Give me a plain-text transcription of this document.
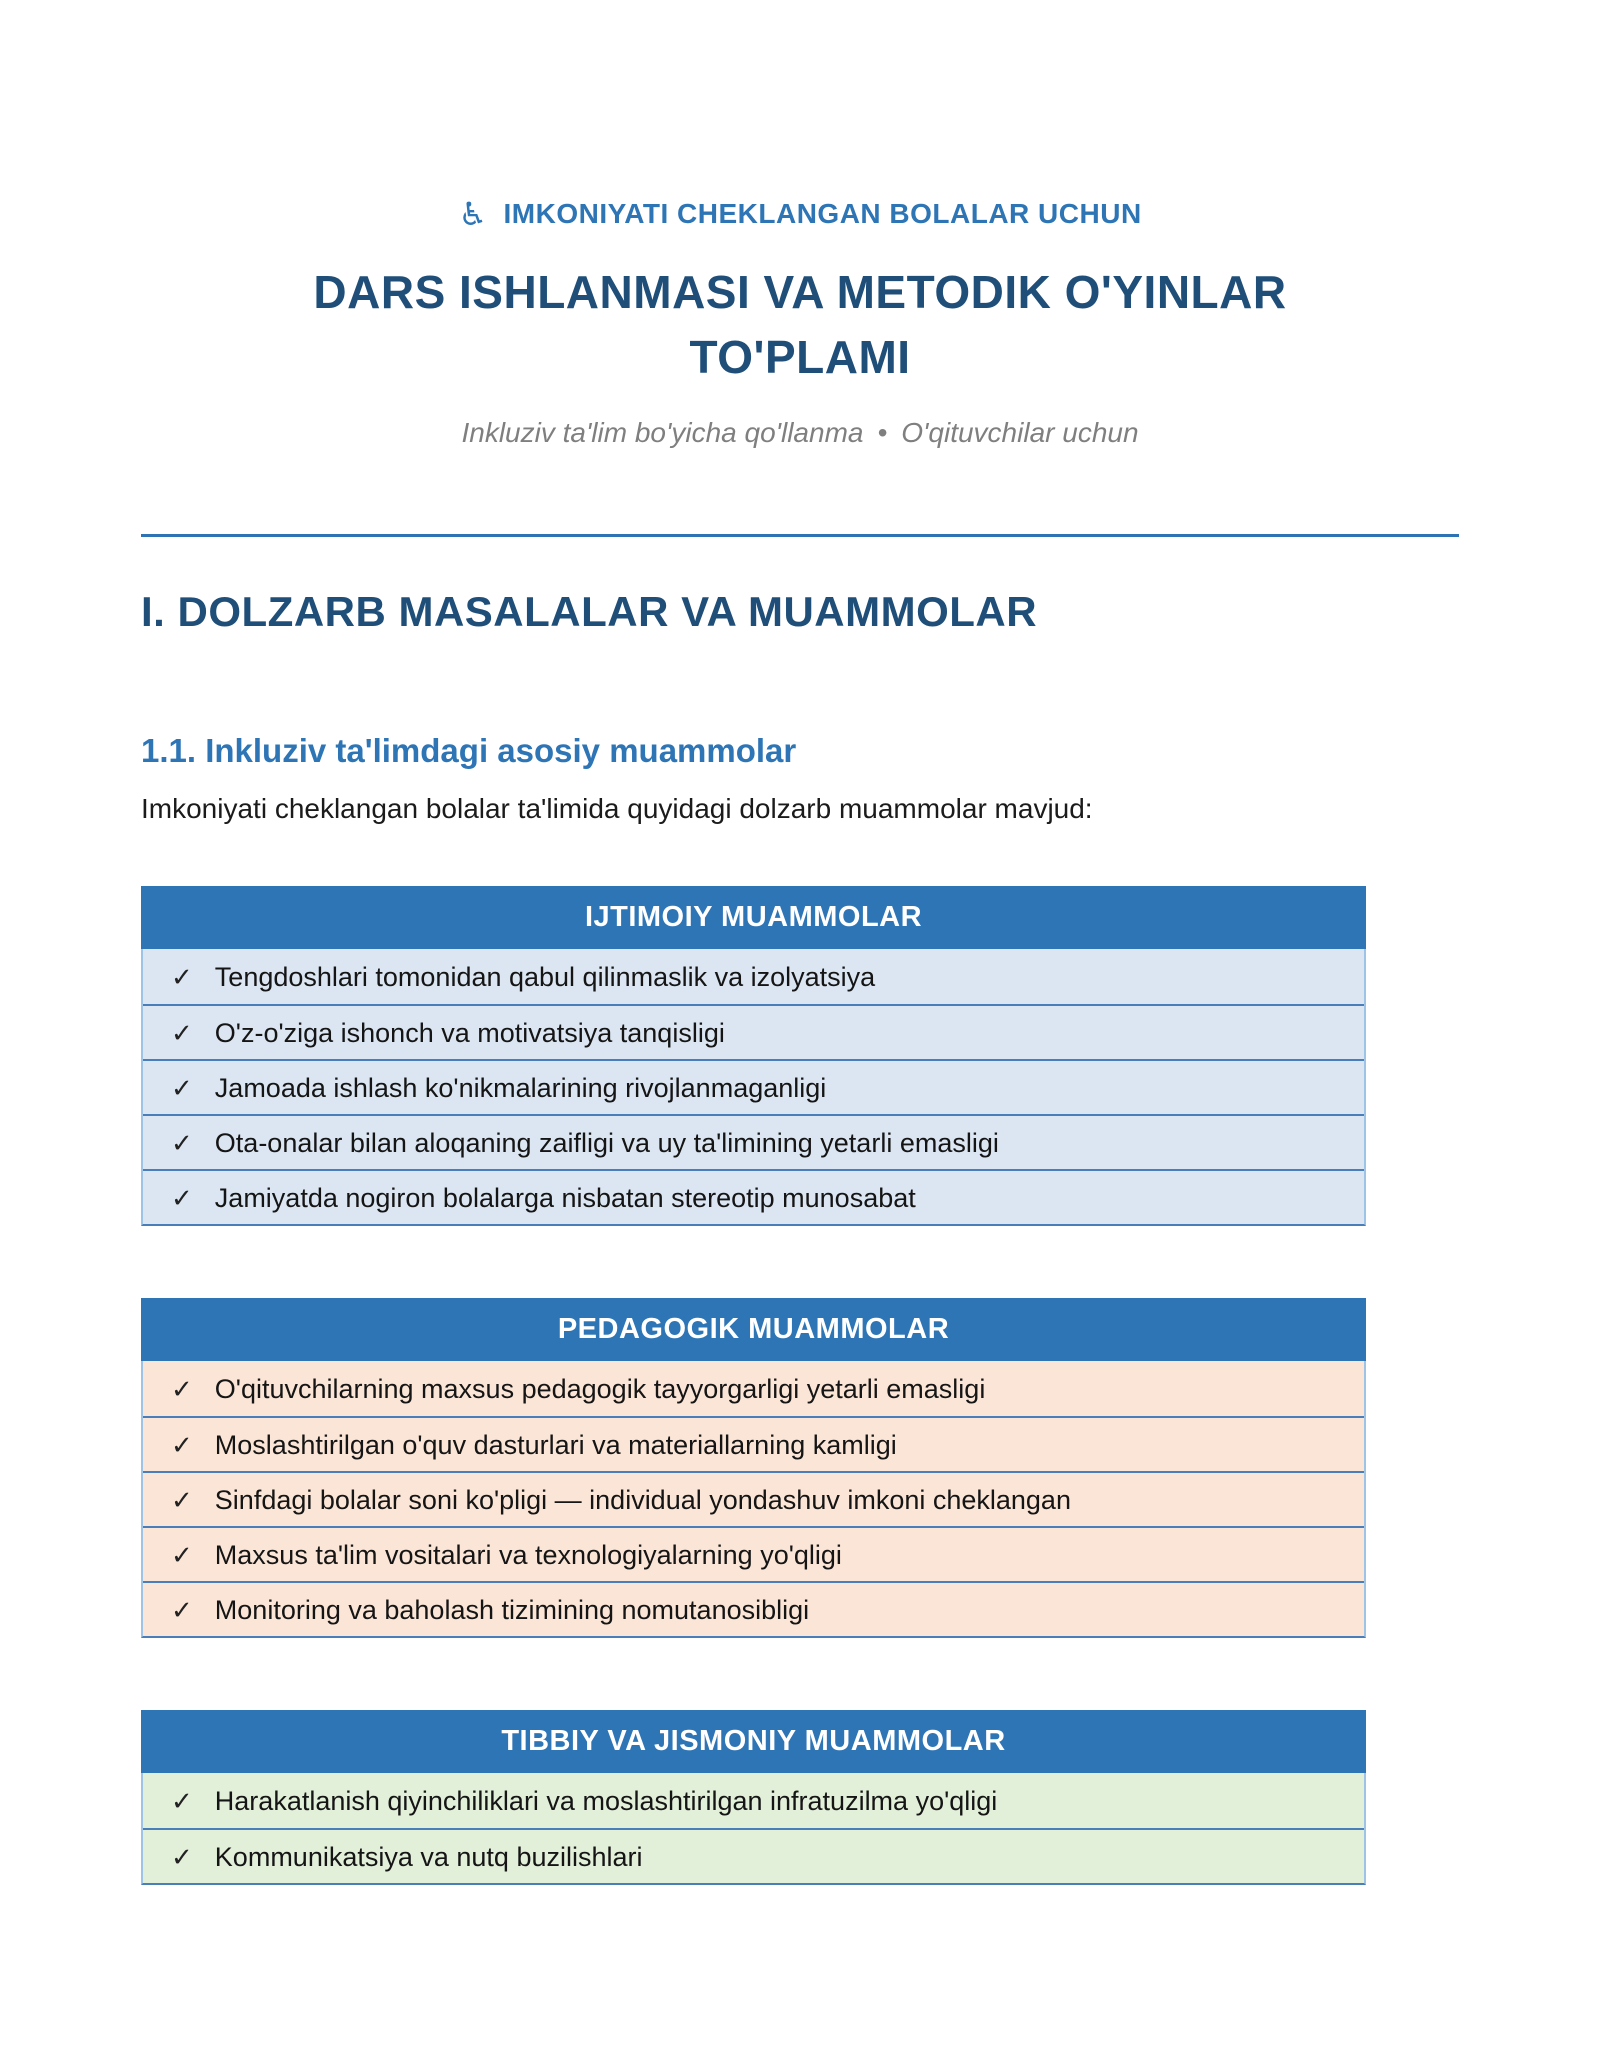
♿ IMKONIYATI CHEKLANGAN BOLALAR UCHUN
DARS ISHLANMASI VA METODIK O'YINLAR TO'PLAMI
Inkluziv ta'lim bo'yicha qo'llanma • O'qituvchilar uchun
I. DOLZARB MASALALAR VA MUAMMOLAR
1.1. Inkluziv ta'limdagi asosiy muammolar

Imkoniyati cheklangan bolalar ta'limida quyidagi dolzarb muammolar mavjud:

IJTIMOIY MUAMMOLAR
✓ Tengdoshlari tomonidan qabul qilinmaslik va izolyatsiya
✓ O'z-o'ziga ishonch va motivatsiya tanqisligi
✓ Jamoada ishlash ko'nikmalarining rivojlanmaganligi
✓ Ota-onalar bilan aloqaning zaifligi va uy ta'limining yetarli emasligi
✓ Jamiyatda nogiron bolalarga nisbatan stereotip munosabat
PEDAGOGIK MUAMMOLAR
✓ O'qituvchilarning maxsus pedagogik tayyorgarligi yetarli emasligi
✓ Moslashtirilgan o'quv dasturlari va materiallarning kamligi
✓ Sinfdagi bolalar soni ko'pligi — individual yondashuv imkoni cheklangan
✓ Maxsus ta'lim vositalari va texnologiyalarning yo'qligi
✓ Monitoring va baholash tizimining nomutanosibligi
TIBBIY VA JISMONIY MUAMMOLAR
✓ Harakatlanish qiyinchiliklari va moslashtirilgan infratuzilma yo'qligi
✓ Kommunikatsiya va nutq buzilishlari
